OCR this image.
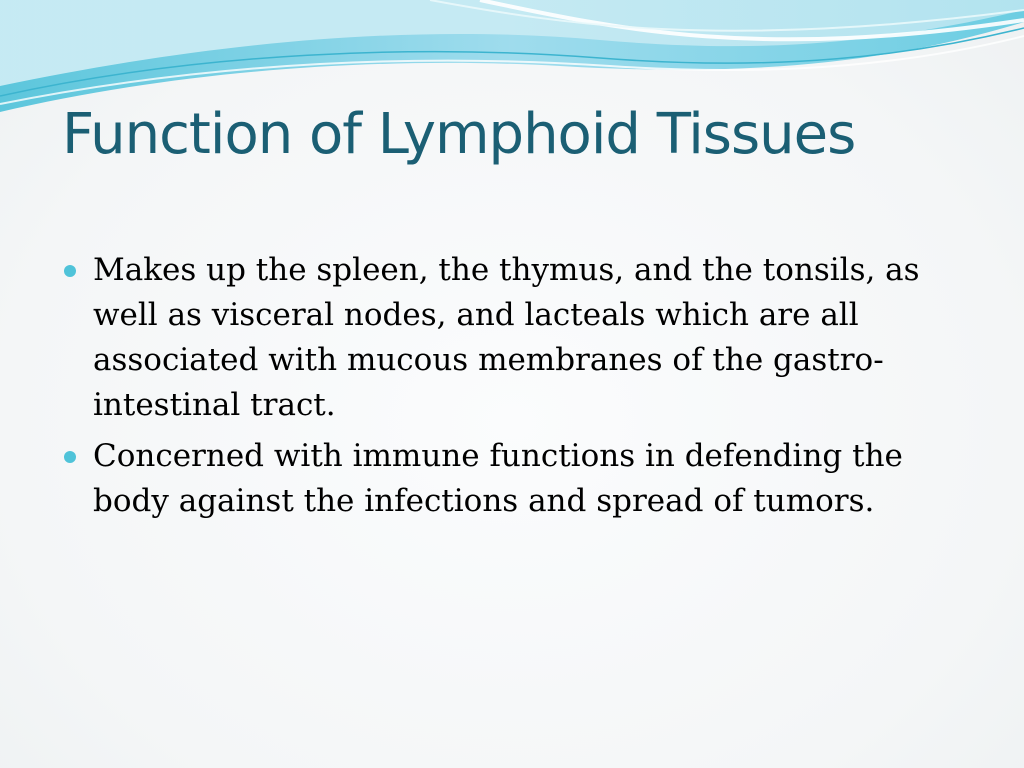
Function of Lymphoid Tissues
Makes up the spleen, the thymus, and the tonsils, as well as visceral nodes, and lacteals which are all associated with mucous membranes of the gastro-intestinal tract.
Concerned with immune functions in defending the body against the infections and spread of tumors.
